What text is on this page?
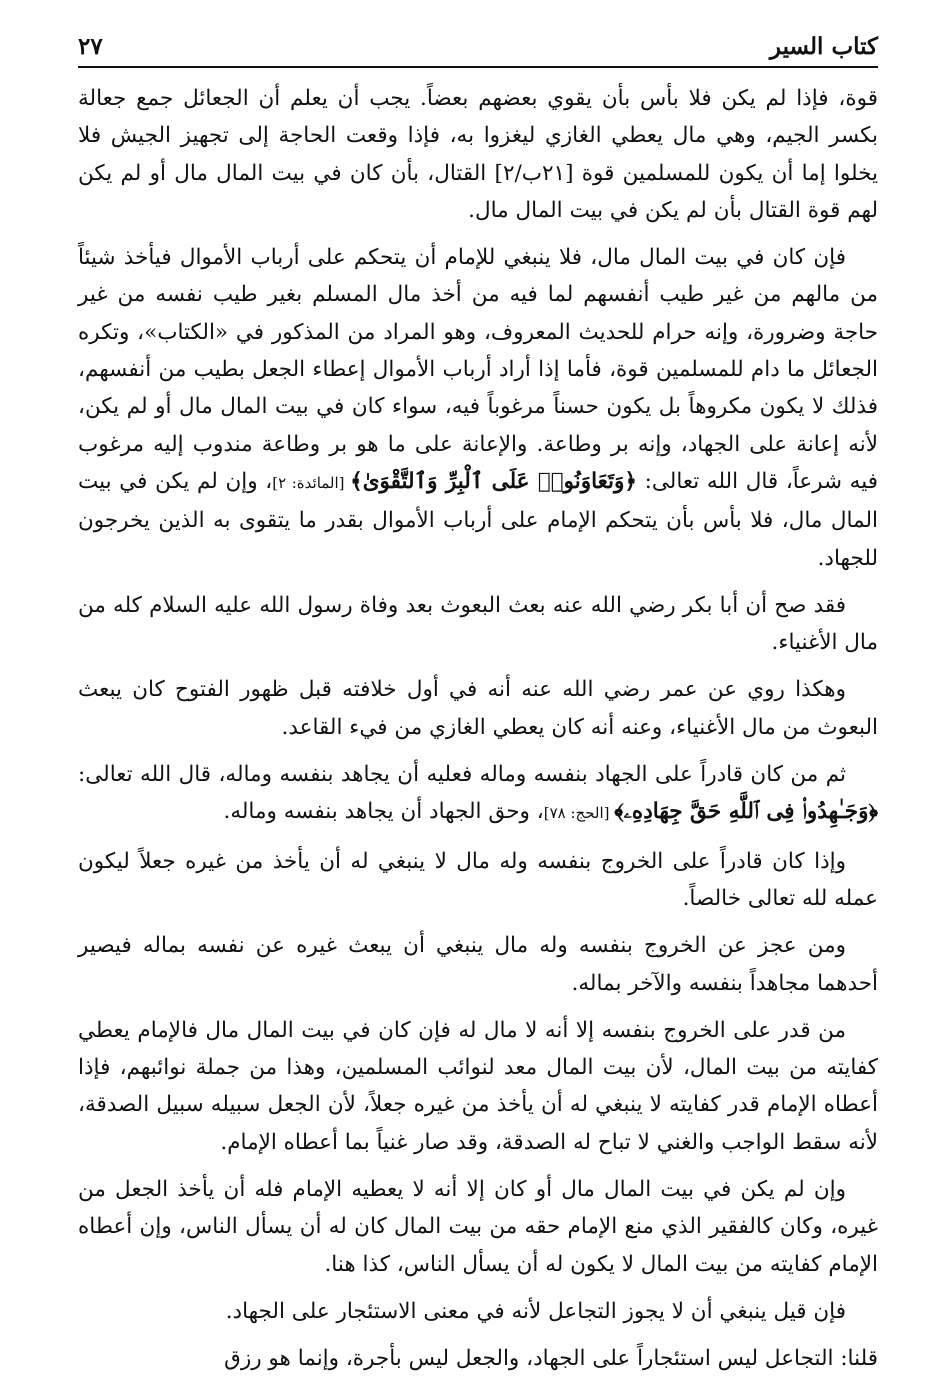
كتاب السير
٢٧

قوة، فإذا لم يكن فلا بأس بأن يقوي بعضهم بعضاً. يجب أن يعلم أن الجعائل جمع جعالة بكسر الجيم، وهي مال يعطي الغازي ليغزوا به، فإذا وقعت الحاجة إلى تجهيز الجيش فلا يخلوا إما أن يكون للمسلمين قوة [٢١ب/٢] القتال، بأن كان في بيت المال مال أو لم يكن لهم قوة القتال بأن لم يكن في بيت المال مال.

فإن كان في بيت المال مال، فلا ينبغي للإمام أن يتحكم على أرباب الأموال فيأخذ شيئاً من مالهم من غير طيب أنفسهم لما فيه من أخذ مال المسلم بغير طيب نفسه من غير حاجة وضرورة، وإنه حرام للحديث المعروف، وهو المراد من المذكور في «الكتاب»، وتكره الجعائل ما دام للمسلمين قوة، فأما إذا أراد أرباب الأموال إعطاء الجعل بطيب من أنفسهم، فذلك لا يكون مكروهاً بل يكون حسناً مرغوباً فيه، سواء كان في بيت المال مال أو لم يكن، لأنه إعانة على الجهاد، وإنه بر وطاعة. والإعانة على ما هو بر وطاعة مندوب إليه مرغوب فيه شرعاً، قال الله تعالى: ﴿وَتَعَاوَنُوا۟ عَلَى ٱلْبِرِّ وَٱلتَّقْوَىٰ﴾ [المائدة: ٢]، وإن لم يكن في بيت المال مال، فلا بأس بأن يتحكم الإمام على أرباب الأموال بقدر ما يتقوى به الذين يخرجون للجهاد.

فقد صح أن أبا بكر رضي الله عنه بعث البعوث بعد وفاة رسول الله عليه السلام كله من مال الأغنياء.

وهكذا روي عن عمر رضي الله عنه أنه في أول خلافته قبل ظهور الفتوح كان يبعث البعوث من مال الأغنياء، وعنه أنه كان يعطي الغازي من فيء القاعد.

ثم من كان قادراً على الجهاد بنفسه وماله فعليه أن يجاهد بنفسه وماله، قال الله تعالى: ﴿وَجَـٰهِدُوا۟ فِى ٱللَّهِ حَقَّ جِهَادِهِۦ﴾ [الحج: ٧٨]، وحق الجهاد أن يجاهد بنفسه وماله.

وإذا كان قادراً على الخروج بنفسه وله مال لا ينبغي له أن يأخذ من غيره جعلاً ليكون عمله لله تعالى خالصاً.

ومن عجز عن الخروج بنفسه وله مال ينبغي أن يبعث غيره عن نفسه بماله فيصير أحدهما مجاهداً بنفسه والآخر بماله.

من قدر على الخروج بنفسه إلا أنه لا مال له فإن كان في بيت المال مال فالإمام يعطي كفايته من بيت المال، لأن بيت المال معد لنوائب المسلمين، وهذا من جملة نوائبهم، فإذا أعطاه الإمام قدر كفايته لا ينبغي له أن يأخذ من غيره جعلاً، لأن الجعل سبيله سبيل الصدقة، لأنه سقط الواجب والغني لا تباح له الصدقة، وقد صار غنياً بما أعطاه الإمام.

وإن لم يكن في بيت المال مال أو كان إلا أنه لا يعطيه الإمام فله أن يأخذ الجعل من غيره، وكان كالفقير الذي منع الإمام حقه من بيت المال كان له أن يسأل الناس، وإن أعطاه الإمام كفايته من بيت المال لا يكون له أن يسأل الناس، كذا هنا.

فإن قيل ينبغي أن لا يجوز التجاعل لأنه في معنى الاستئجار على الجهاد.

قلنا: التجاعل ليس استئجاراً على الجهاد، والجعل ليس بأجرة، وإنما هو رزق
